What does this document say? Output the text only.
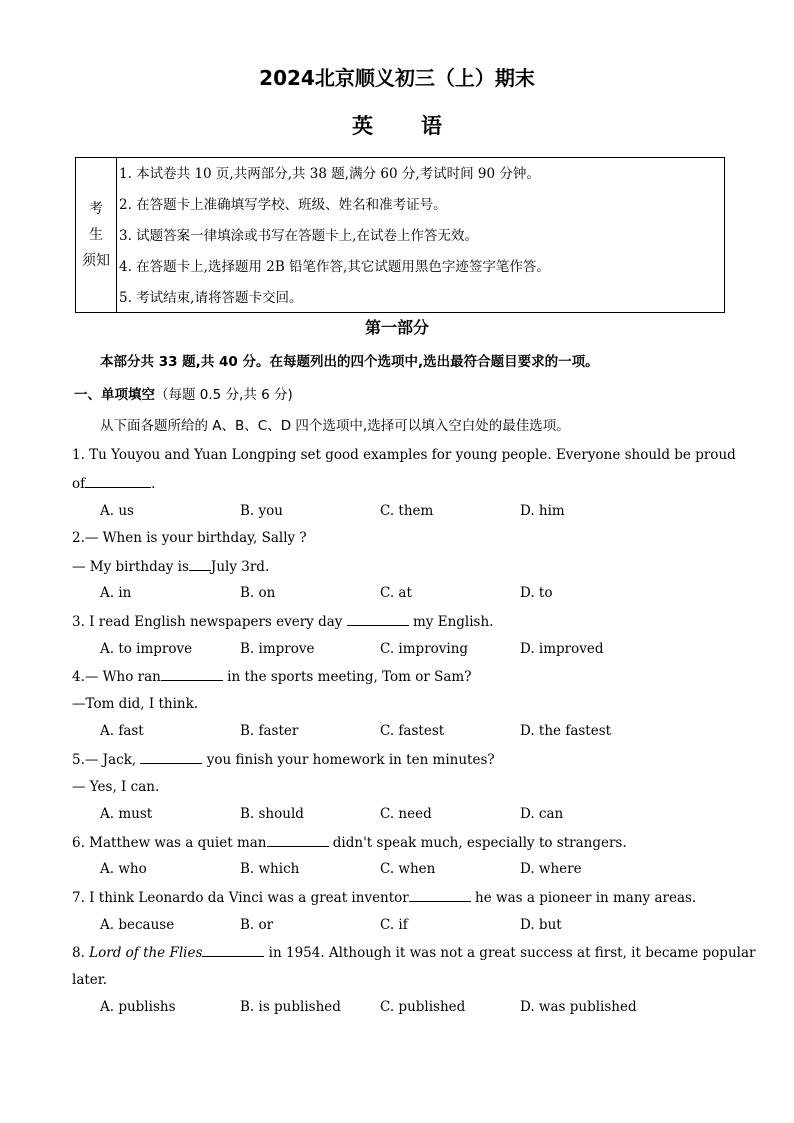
2024北京顺义初三（上）期末
英语
考 生
须知
1. 本试卷共 10 页,共两部分,共 38 题,满分 60 分,考试时间 90 分钟。
2. 在答题卡上准确填写学校、班级、姓名和准考证号。
3. 试题答案一律填涂或书写在答题卡上,在试卷上作答无效。
4. 在答题卡上,选择题用 2B 铅笔作答,其它试题用黑色字迹签字笔作答。
5. 考试结束,请将答题卡交回。
第一部分
本部分共 33 题,共 40 分。在每题列出的四个选项中,选出最符合题目要求的一项。
一、单项填空（每题 0.5 分,共 6 分)
从下面各题所给的 A、B、C、D 四个选项中,选择可以填入空白处的最佳选项。
1. Tu Youyou and Yuan Longping set good examples for young people. Everyone should be proud
of	.
A. us	B. you	C. them	D. him
2.— When is your birthday, Sally ?
— My birthday is July 3rd.
A. in	B. on	C. at	D. to
3. I read English newspapers every day	my English.
A. to improve	B. improve	C. improving	D. improved
4.— Who ran	in the sports meeting, Tom or Sam?
—Tom did, I think.
A. fast	B. faster	C. fastest	D. the fastest
5.— Jack,	you finish your homework in ten minutes?
— Yes, I can.
A. must	B. should	C. need	D. can
6. Matthew was a quiet man	didn't speak much, especially to strangers.
A. who	B. which	C. when	D. where
7. I think Leonardo da Vinci was a great inventor	he was a pioneer in many areas.
A. because	B. or	C. if	D. but
8. Lord of the Flies	in 1954. Although it was not a great success at first, it became popular
later.
A. publishs	B. is published	C. published	D. was published
